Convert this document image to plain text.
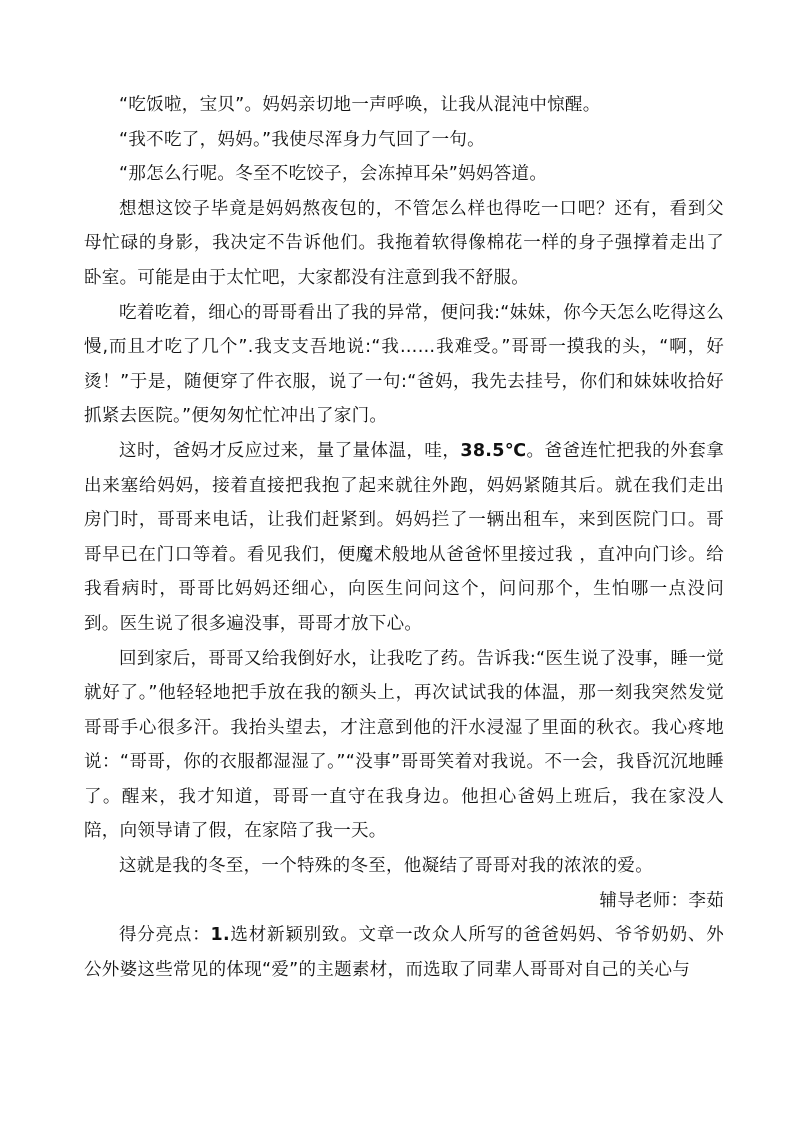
“吃饭啦，宝贝”。妈妈亲切地一声呼唤，让我从混沌中惊醒。

“我不吃了，妈妈。”我使尽浑身力气回了一句。

“那怎么行呢。冬至不吃饺子，会冻掉耳朵”妈妈答道。

想想这饺子毕竟是妈妈熬夜包的，不管怎么样也得吃一口吧？还有，看到父母忙碌的身影，我决定不告诉他们。我拖着软得像棉花一样的身子强撑着走出了卧室。可能是由于太忙吧，大家都没有注意到我不舒服。

吃着吃着，细心的哥哥看出了我的异常，便问我:“妹妹，你今天怎么吃得这么慢,而且才吃了几个”.我支支吾地说:“我……我难受。”哥哥一摸我的头，“啊，好烫！”于是，随便穿了件衣服，说了一句:“爸妈，我先去挂号，你们和妹妹收拾好抓紧去医院。”便匆匆忙忙冲出了家门。

这时，爸妈才反应过来，量了量体温，哇，38.5℃。爸爸连忙把我的外套拿出来塞给妈妈，接着直接把我抱了起来就往外跑，妈妈紧随其后。就在我们走出房门时，哥哥来电话，让我们赶紧到。妈妈拦了一辆出租车，来到医院门口。哥哥早已在门口等着。看见我们，便魔术般地从爸爸怀里接过我 ，直冲向门诊。给我看病时，哥哥比妈妈还细心，向医生问问这个，问问那个，生怕哪一点没问到。医生说了很多遍没事，哥哥才放下心。

回到家后，哥哥又给我倒好水，让我吃了药。告诉我:“医生说了没事，睡一觉就好了。”他轻轻地把手放在我的额头上，再次试试我的体温，那一刻我突然发觉哥哥手心很多汗。我抬头望去，才注意到他的汗水浸湿了里面的秋衣。我心疼地说：“哥哥，你的衣服都湿湿了。”“没事”哥哥笑着对我说。不一会，我昏沉沉地睡了。醒来，我才知道，哥哥一直守在我身边。他担心爸妈上班后，我在家没人陪，向领导请了假，在家陪了我一天。

这就是我的冬至，一个特殊的冬至，他凝结了哥哥对我的浓浓的爱。

辅导老师：李茹

得分亮点：1.选材新颖别致。文章一改众人所写的爸爸妈妈、爷爷奶奶、外公外婆这些常见的体现“爱”的主题素材，而选取了同辈人哥哥对自己的关心与
